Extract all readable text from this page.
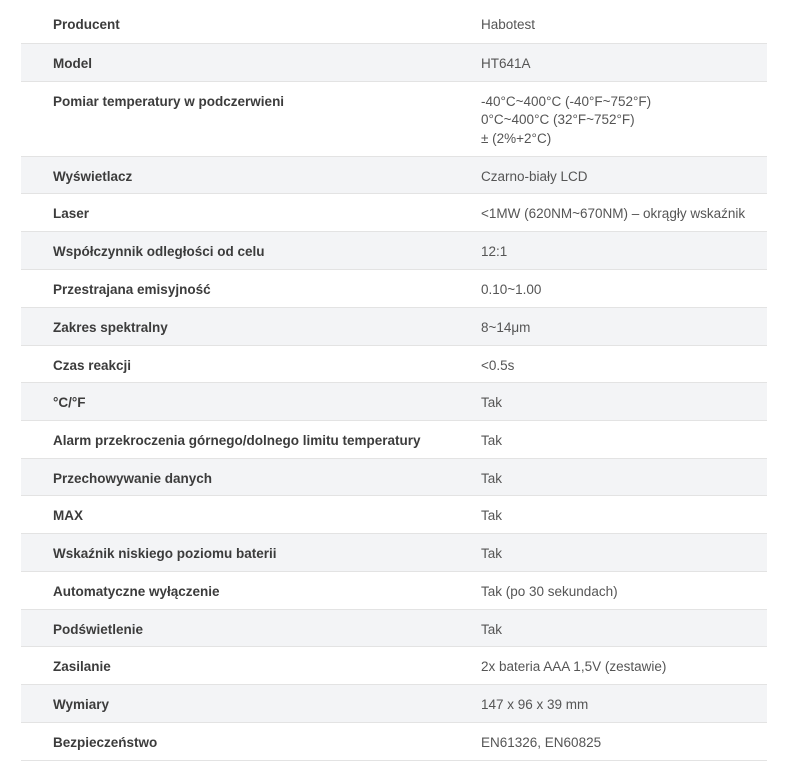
Producent	Habotest

Model	HT641A

Pomiar temperatury w podczerwieni	-40°C~400°C (-40°F~752°F)
0°C~400°C (32°F~752°F)
± (2%+2°C)

Wyświetlacz	Czarno-biały LCD

Laser	<1MW (620NM~670NM) – okrągły wskaźnik

Współczynnik odległości od celu	12:1

Przestrajana emisyjność	0.10~1.00

Zakres spektralny	8~14μm

Czas reakcji	<0.5s

°C/°F	Tak

Alarm przekroczenia górnego/dolnego limitu temperatury	Tak

Przechowywanie danych	Tak

MAX	Tak

Wskaźnik niskiego poziomu baterii	Tak

Automatyczne wyłączenie	Tak (po 30 sekundach)

Podświetlenie	Tak

Zasilanie	2x bateria AAA 1,5V (zestawie)

Wymiary	147 x 96 x 39 mm

Bezpieczeństwo	EN61326, EN60825
